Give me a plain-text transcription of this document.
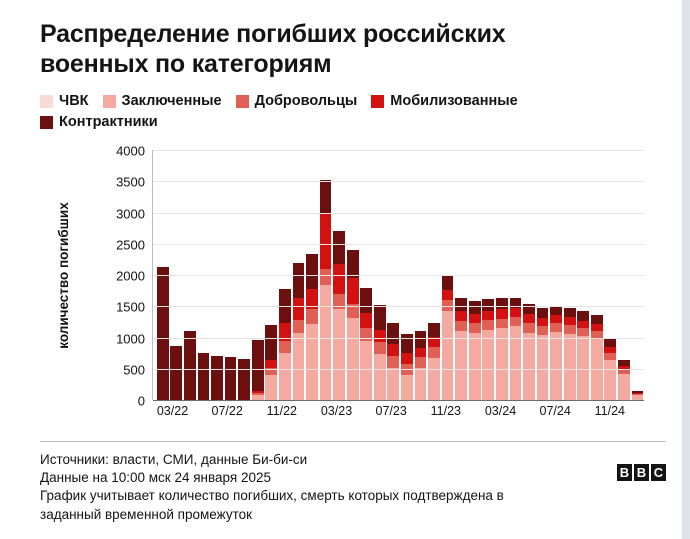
Распределение погибших российских военных по категориям
ЧВК Заключенные Добровольцы Мобилизованные
Контрактники
количество погибших
0
500
1000
1500
2000
2500
3000
3500
4000
03/22 07/22 11/22 03/23 07/23 11/23 03/24 07/24 11/24
Источники: власти, СМИ, данные Би-би-си
Данные на 10:00 мск 24 января 2025
График учитывает количество погибших, смерть которых подтверждена в
заданный временной промежуток
B B C
